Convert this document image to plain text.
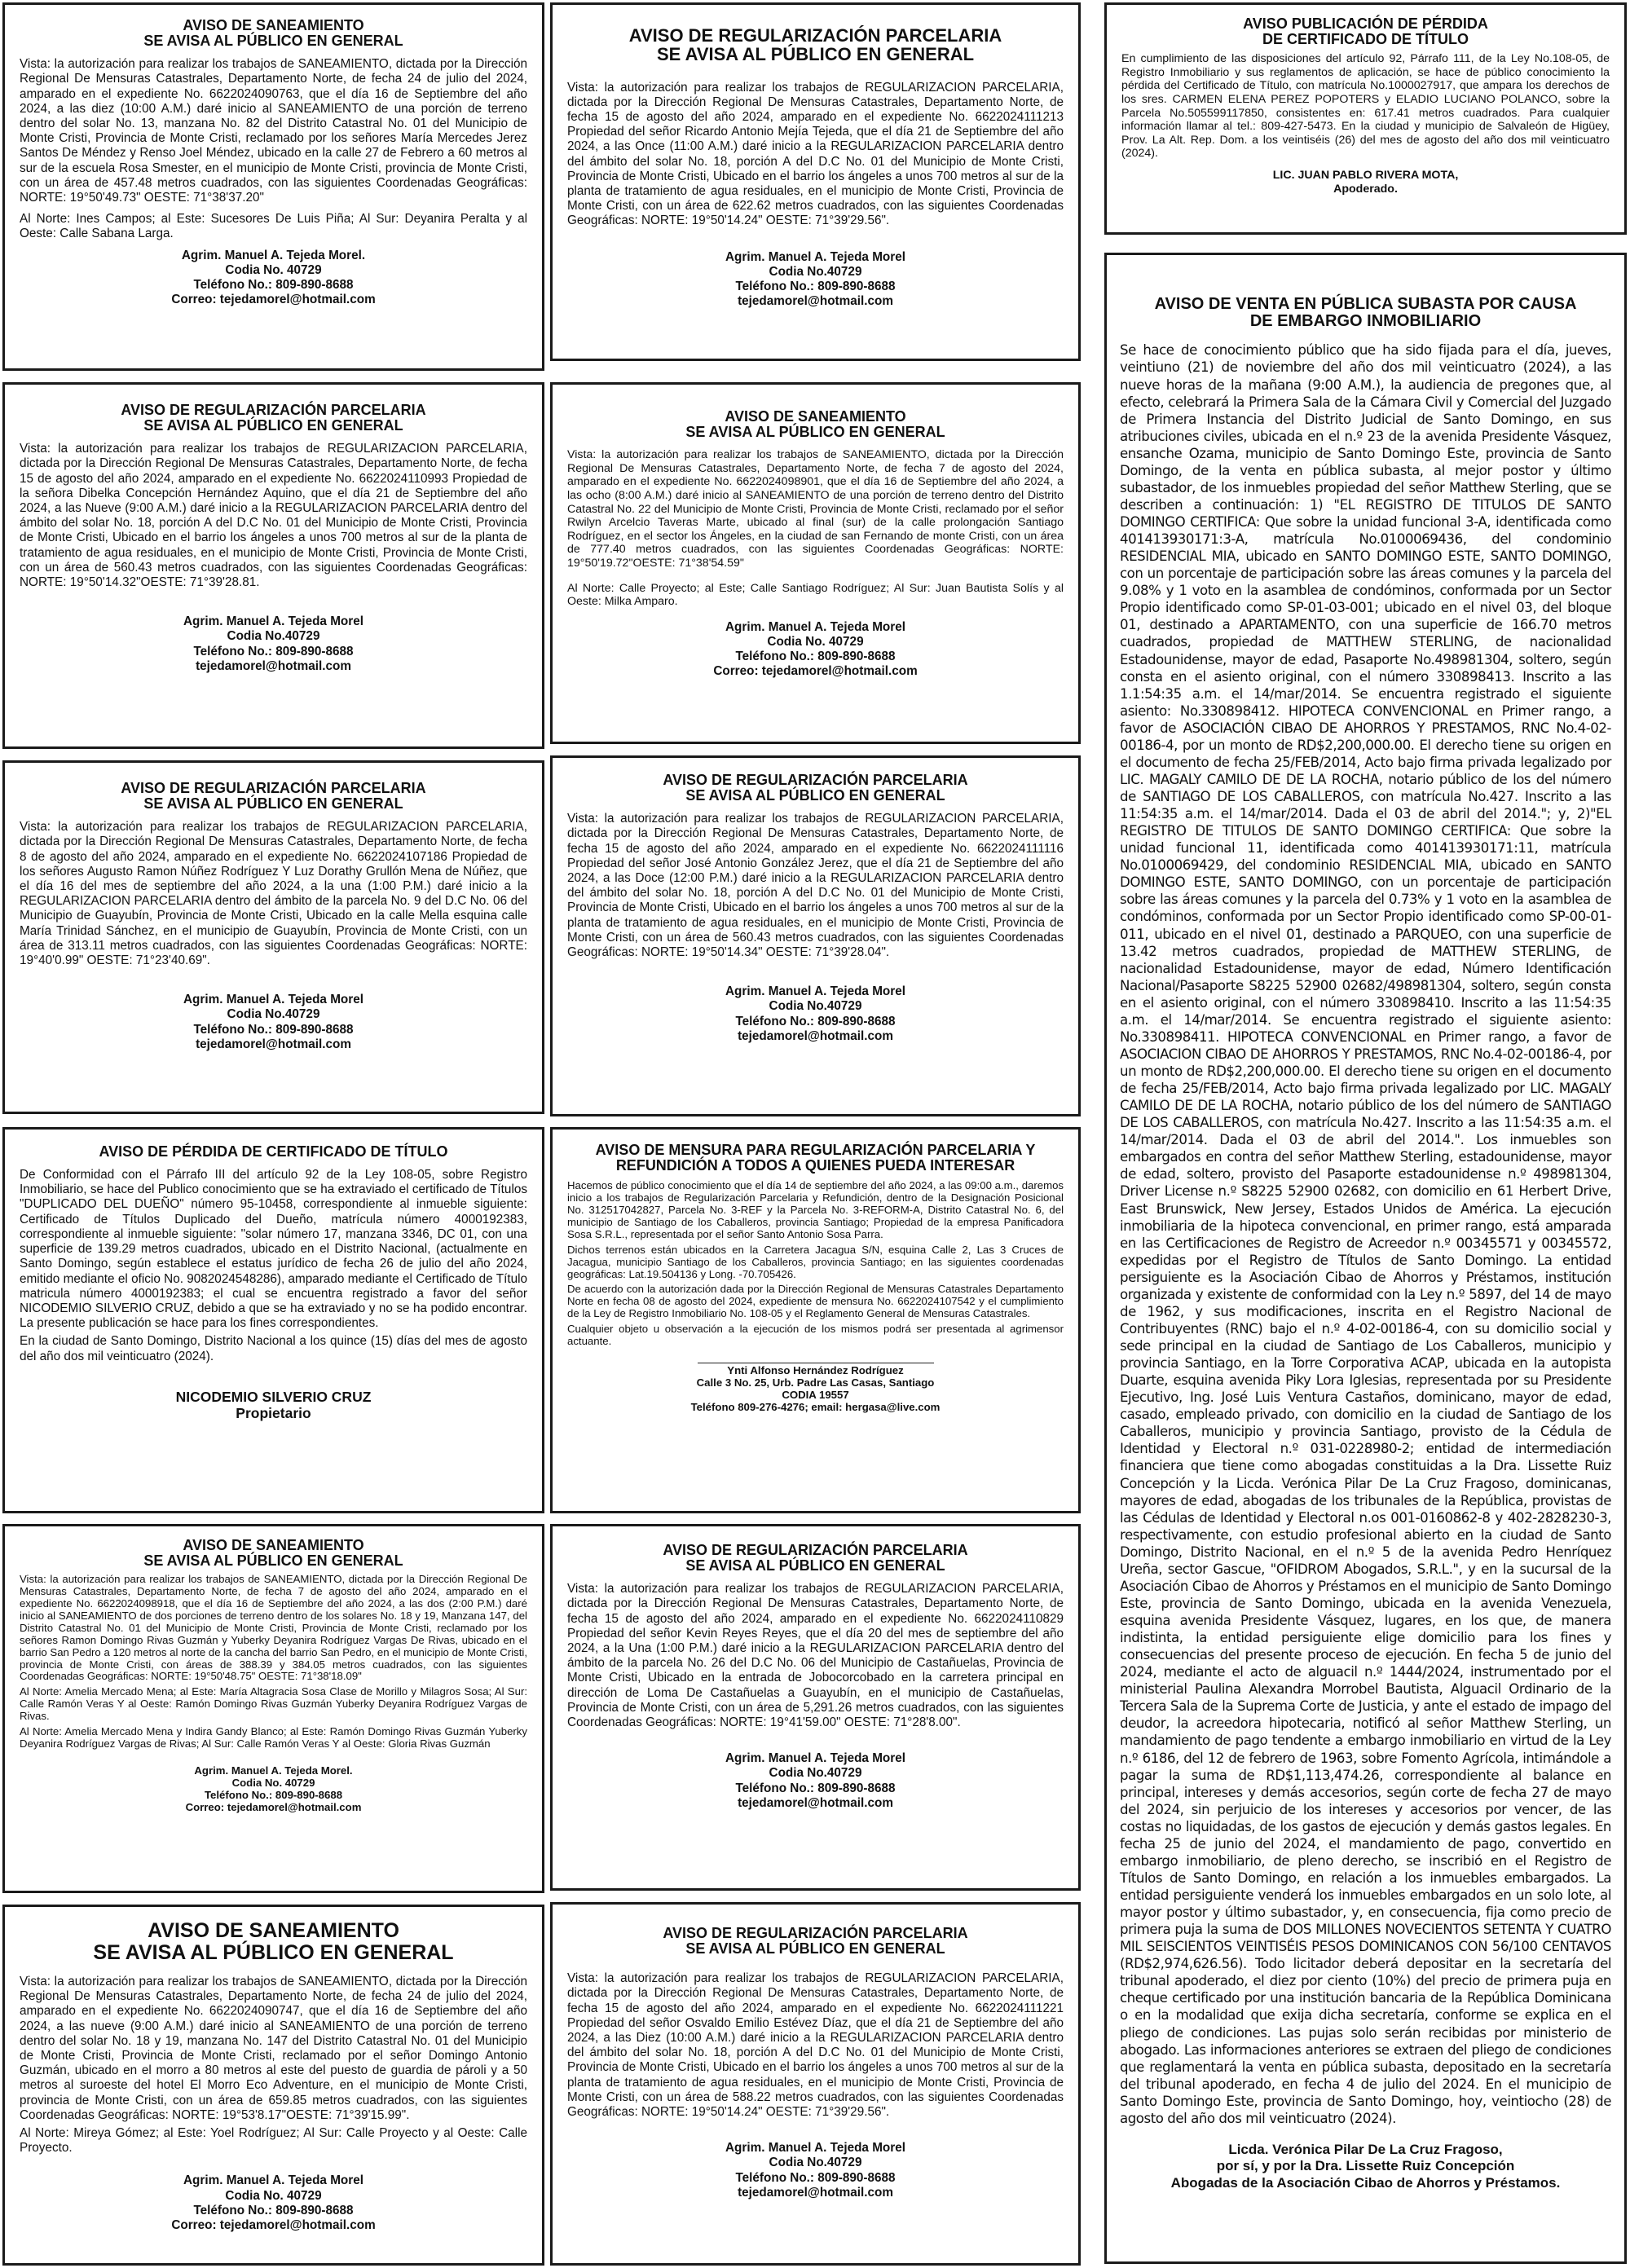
AVISO DE SANEAMIENTO
SE AVISA AL PÚBLICO EN GENERAL
Vista: la autorización para realizar los trabajos de SANEAMIENTO, dictada por la Dirección Regional De Mensuras Catastrales, Departamento Norte, de fecha 24 de julio del 2024, amparado en el expediente No. 6622024090763, que el día 16 de Septiembre del año 2024, a las diez (10:00 A.M.) daré inicio al SANEAMIENTO de una porción de terreno dentro del solar No. 13, manzana No. 82 del Distrito Catastral No. 01 del Municipio de Monte Cristi, Provincia de Monte Cristi, reclamado por los señores María Mercedes Jerez Santos De Méndez y Renso Joel Méndez, ubicado en la calle 27 de Febrero a 60 metros al sur de la escuela Rosa Smester, en el municipio de Monte Cristi, provincia de Monte Cristi, con un área de 457.48 metros cuadrados, con las siguientes Coordenadas Geográficas: NORTE: 19°50'49.73" OESTE: 71°38'37.20"
Al Norte: Ines Campos; al Este: Sucesores De Luis Piña; Al Sur: Deyanira Peralta y al Oeste: Calle Sabana Larga.
Agrim. Manuel A. Tejeda Morel.
Codia No. 40729
Teléfono No.: 809-890-8688
Correo: tejedamorel@hotmail.com
AVISO DE REGULARIZACIÓN PARCELARIA
SE AVISA AL PÚBLICO EN GENERAL
Vista: la autorización para realizar los trabajos de REGULARIZACION PARCELARIA, dictada por la Dirección Regional De Mensuras Catastrales, Departamento Norte, de fecha 15 de agosto del año 2024, amparado en el expediente No. 6622024110993 Propiedad de la señora Dibelka Concepción Hernández Aquino, que el día 21 de Septiembre del año 2024, a las Nueve (9:00 A.M.) daré inicio a la REGULARIZACION PARCELARIA dentro del ámbito del solar No. 18, porción A del D.C No. 01 del Municipio de Monte Cristi, Provincia de Monte Cristi, Ubicado en el barrio los ángeles a unos 700 metros al sur de la planta de tratamiento de agua residuales, en el municipio de Monte Cristi, Provincia de Monte Cristi, con un área de 560.43 metros cuadrados, con las siguientes Coordenadas Geográficas: NORTE: 19°50'14.32"OESTE: 71°39'28.81.
Agrim. Manuel A. Tejeda Morel
Codia No.40729
Teléfono No.: 809-890-8688
tejedamorel@hotmail.com
AVISO DE REGULARIZACIÓN PARCELARIA
SE AVISA AL PÚBLICO EN GENERAL
Vista: la autorización para realizar los trabajos de REGULARIZACION PARCELARIA, dictada por la Dirección Regional De Mensuras Catastrales, Departamento Norte, de fecha 8 de agosto del año 2024, amparado en el expediente No. 6622024107186 Propiedad de los señores Augusto Ramon Núñez Rodríguez Y Luz Dorathy Grullón Mena de Núñez, que el día 16 del mes de septiembre del año 2024, a la una (1:00 P.M.) daré inicio a la REGULARIZACION PARCELARIA dentro del ámbito de la parcela No. 9 del D.C No. 06 del Municipio de Guayubín, Provincia de Monte Cristi, Ubicado en la calle Mella esquina calle María Trinidad Sánchez, en el municipio de Guayubín, Provincia de Monte Cristi, con un área de 313.11 metros cuadrados, con las siguientes Coordenadas Geográficas: NORTE: 19°40'0.99" OESTE: 71°23'40.69".
Agrim. Manuel A. Tejeda Morel
Codia No.40729
Teléfono No.: 809-890-8688
tejedamorel@hotmail.com
AVISO DE PÉRDIDA DE CERTIFICADO DE TÍTULO
De Conformidad con el Párrafo III del artículo 92 de la Ley 108-05, sobre Registro Inmobiliario, se hace del Publico conocimiento que se ha extraviado el certificado de Títulos "DUPLICADO DEL DUEÑO" número 95-10458, correspondiente al inmueble siguiente: Certificado de Títulos Duplicado del Dueño, matrícula número 4000192383, correspondiente al inmueble siguiente: "solar número 17, manzana 3346, DC 01, con una superficie de 139.29 metros cuadrados, ubicado en el Distrito Nacional, (actualmente en Santo Domingo, según establece el estatus jurídico de fecha 26 de julio del año 2024, emitido mediante el oficio No. 9082024548286), amparado mediante el Certificado de Título matricula número 4000192383; el cual se encuentra registrado a favor del señor NICODEMIO SILVERIO CRUZ, debido a que se ha extraviado y no se ha podido encontrar. La presente publicación se hace para los fines correspondientes.
En la ciudad de Santo Domingo, Distrito Nacional a los quince (15) días del mes de agosto del año dos mil veinticuatro (2024).
NICODEMIO SILVERIO CRUZ
Propietario
AVISO DE SANEAMIENTO
SE AVISA AL PÚBLICO EN GENERAL
Vista: la autorización para realizar los trabajos de SANEAMIENTO, dictada por la Dirección Regional De Mensuras Catastrales, Departamento Norte, de fecha 7 de agosto del año 2024, amparado en el expediente No. 6622024098918, que el día 16 de Septiembre del año 2024, a las dos (2:00 P.M.) daré inicio al SANEAMIENTO de dos porciones de terreno dentro de los solares No. 18 y 19, Manzana 147, del Distrito Catastral No. 01 del Municipio de Monte Cristi, Provincia de Monte Cristi, reclamado por los señores Ramon Domingo Rivas Guzmán y Yuberky Deyanira Rodríguez Vargas De Rivas, ubicado en el barrio San Pedro a 120 metros al norte de la cancha del barrio San Pedro, en el municipio de Monte Cristi, provincia de Monte Cristi, con áreas de 388.39 y 384.05 metros cuadrados, con las siguientes Coordenadas Geográficas: NORTE: 19°50'48.75" OESTE: 71°38'18.09"
Al Norte: Amelia Mercado Mena; al Este: María Altagracia Sosa Clase de Morillo y Milagros Sosa; Al Sur: Calle Ramón Veras Y al Oeste: Ramón Domingo Rivas Guzmán Yuberky Deyanira Rodríguez Vargas de Rivas.
Al Norte: Amelia Mercado Mena y Indira Gandy Blanco; al Este: Ramón Domingo Rivas Guzmán Yuberky Deyanira Rodríguez Vargas de Rivas; Al Sur: Calle Ramón Veras Y al Oeste: Gloria Rivas Guzmán
Agrim. Manuel A. Tejeda Morel.
Codia No. 40729
Teléfono No.: 809-890-8688
Correo: tejedamorel@hotmail.com
AVISO DE SANEAMIENTO
SE AVISA AL PÚBLICO EN GENERAL
Vista: la autorización para realizar los trabajos de SANEAMIENTO, dictada por la Dirección Regional De Mensuras Catastrales, Departamento Norte, de fecha 24 de julio del 2024, amparado en el expediente No. 6622024090747, que el día 16 de Septiembre del año 2024, a las nueve (9:00 A.M.) daré inicio al SANEAMIENTO de una porción de terreno dentro del solar No. 18 y 19, manzana No. 147 del Distrito Catastral No. 01 del Municipio de Monte Cristi, Provincia de Monte Cristi, reclamado por el señor Domingo Antonio Guzmán, ubicado en el morro a 80 metros al este del puesto de guardia de pároli y a 50 metros al suroeste del hotel El Morro Eco Adventure, en el municipio de Monte Cristi, provincia de Monte Cristi, con un área de 659.85 metros cuadrados, con las siguientes Coordenadas Geográficas: NORTE: 19°53'8.17"OESTE: 71°39'15.99".
Al Norte: Mireya Gómez; al Este: Yoel Rodríguez; Al Sur: Calle Proyecto y al Oeste: Calle Proyecto.
Agrim. Manuel A. Tejeda Morel
Codia No. 40729
Teléfono No.: 809-890-8688
Correo: tejedamorel@hotmail.com
AVISO DE REGULARIZACIÓN PARCELARIA
SE AVISA AL PÚBLICO EN GENERAL
Vista: la autorización para realizar los trabajos de REGULARIZACION PARCELARIA, dictada por la Dirección Regional De Mensuras Catastrales, Departamento Norte, de fecha 15 de agosto del año 2024, amparado en el expediente No. 6622024111213 Propiedad del señor Ricardo Antonio Mejía Tejeda, que el día 21 de Septiembre del año 2024, a las Once (11:00 A.M.) daré inicio a la REGULARIZACION PARCELARIA dentro del ámbito del solar No. 18, porción A del D.C No. 01 del Municipio de Monte Cristi, Provincia de Monte Cristi, Ubicado en el barrio los ángeles a unos 700 metros al sur de la planta de tratamiento de agua residuales, en el municipio de Monte Cristi, Provincia de Monte Cristi, con un área de 622.62 metros cuadrados, con las siguientes Coordenadas Geográficas: NORTE: 19°50'14.24" OESTE: 71°39'29.56".
Agrim. Manuel A. Tejeda Morel
Codia No.40729
Teléfono No.: 809-890-8688
tejedamorel@hotmail.com
AVISO DE SANEAMIENTO
SE AVISA AL PÚBLICO EN GENERAL
Vista: la autorización para realizar los trabajos de SANEAMIENTO, dictada por la Dirección Regional De Mensuras Catastrales, Departamento Norte, de fecha 7 de agosto del 2024, amparado en el expediente No. 6622024098901, que el día 16 de Septiembre del año 2024, a las ocho (8:00 A.M.) daré inicio al SANEAMIENTO de una porción de terreno dentro del Distrito Catastral No. 22 del Municipio de Monte Cristi, Provincia de Monte Cristi, reclamado por el señor Rwilyn Arcelcio Taveras Marte, ubicado al final (sur) de la calle prolongación Santiago Rodríguez, en el sector los Ángeles, en la ciudad de san Fernando de monte Cristi, con un área de 777.40 metros cuadrados, con las siguientes Coordenadas Geográficas: NORTE: 19°50'19.72"OESTE: 71°38'54.59"
Al Norte: Calle Proyecto; al Este; Calle Santiago Rodríguez; Al Sur: Juan Bautista Solís y al Oeste: Milka Amparo.
Agrim. Manuel A. Tejeda Morel
Codia No. 40729
Teléfono No.: 809-890-8688
Correo: tejedamorel@hotmail.com
AVISO DE REGULARIZACIÓN PARCELARIA
SE AVISA AL PÚBLICO EN GENERAL
Vista: la autorización para realizar los trabajos de REGULARIZACION PARCELARIA, dictada por la Dirección Regional De Mensuras Catastrales, Departamento Norte, de fecha 15 de agosto del año 2024, amparado en el expediente No. 6622024111116 Propiedad del señor José Antonio González Jerez, que el día 21 de Septiembre del año 2024, a las Doce (12:00 P.M.) daré inicio a la REGULARIZACION PARCELARIA dentro del ámbito del solar No. 18, porción A del D.C No. 01 del Municipio de Monte Cristi, Provincia de Monte Cristi, Ubicado en el barrio los ángeles a unos 700 metros al sur de la planta de tratamiento de agua residuales, en el municipio de Monte Cristi, Provincia de Monte Cristi, con un área de 560.43 metros cuadrados, con las siguientes Coordenadas Geográficas: NORTE: 19°50'14.34" OESTE: 71°39'28.04".
Agrim. Manuel A. Tejeda Morel
Codia No.40729
Teléfono No.: 809-890-8688
tejedamorel@hotmail.com
AVISO DE MENSURA PARA REGULARIZACIÓN PARCELARIA Y
REFUNDICIÓN A TODOS A QUIENES PUEDA INTERESAR
Hacemos de público conocimiento que el día 14 de septiembre del año 2024, a las 09:00 a.m., daremos inicio a los trabajos de Regularización Parcelaria y Refundición, dentro de la Designación Posicional No. 312517042827, Parcela No. 3-REF y la Parcela No. 3-REFORM-A, Distrito Catastral No. 6, del municipio de Santiago de los Caballeros, provincia Santiago; Propiedad de la empresa Panificadora Sosa S.R.L., representada por el señor Santo Antonio Sosa Parra.
Dichos terrenos están ubicados en la Carretera Jacagua S/N, esquina Calle 2, Las 3 Cruces de Jacagua, municipio Santiago de los Caballeros, provincia Santiago; en las siguientes coordenadas geográficas: Lat.19.504136 y Long. -70.705426.
De acuerdo con la autorización dada por la Dirección Regional de Mensuras Catastrales Departamento Norte en fecha 08 de agosto del 2024, expediente de mensura No. 6622024107542 y el cumplimiento de la Ley de Registro Inmobiliario No. 108-05 y el Reglamento General de Mensuras Catastrales.
Cualquier objeto u observación a la ejecución de los mismos podrá ser presentada al agrimensor actuante.
Ynti Alfonso Hernández Rodríguez
Calle 3 No. 25, Urb. Padre Las Casas, Santiago
CODIA 19557
Teléfono 809-276-4276; email: hergasa@live.com
AVISO DE REGULARIZACIÓN PARCELARIA
SE AVISA AL PÚBLICO EN GENERAL
Vista: la autorización para realizar los trabajos de REGULARIZACION PARCELARIA, dictada por la Dirección Regional De Mensuras Catastrales, Departamento Norte, de fecha 15 de agosto del año 2024, amparado en el expediente No. 6622024110829 Propiedad del señor Kevin Reyes Reyes, que el día 20 del mes de septiembre del año 2024, a la Una (1:00 P.M.) daré inicio a la REGULARIZACION PARCELARIA dentro del ámbito de la parcela No. 26 del D.C No. 06 del Municipio de Castañuelas, Provincia de Monte Cristi, Ubicado en la entrada de Jobocorcobado en la carretera principal en dirección de Loma De Castañuelas a Guayubín, en el municipio de Castañuelas, Provincia de Monte Cristi, con un área de 5,291.26 metros cuadrados, con las siguientes Coordenadas Geográficas: NORTE: 19°41'59.00" OESTE: 71°28'8.00".
Agrim. Manuel A. Tejeda Morel
Codia No.40729
Teléfono No.: 809-890-8688
tejedamorel@hotmail.com
AVISO DE REGULARIZACIÓN PARCELARIA
SE AVISA AL PÚBLICO EN GENERAL
Vista: la autorización para realizar los trabajos de REGULARIZACION PARCELARIA, dictada por la Dirección Regional De Mensuras Catastrales, Departamento Norte, de fecha 15 de agosto del año 2024, amparado en el expediente No. 6622024111221 Propiedad del señor Osvaldo Emilio Estévez Díaz, que el día 21 de Septiembre del año 2024, a las Diez (10:00 A.M.) daré inicio a la REGULARIZACION PARCELARIA dentro del ámbito del solar No. 18, porción A del D.C No. 01 del Municipio de Monte Cristi, Provincia de Monte Cristi, Ubicado en el barrio los ángeles a unos 700 metros al sur de la planta de tratamiento de agua residuales, en el municipio de Monte Cristi, Provincia de Monte Cristi, con un área de 588.22 metros cuadrados, con las siguientes Coordenadas Geográficas: NORTE: 19°50'14.24" OESTE: 71°39'29.56".
Agrim. Manuel A. Tejeda Morel
Codia No.40729
Teléfono No.: 809-890-8688
tejedamorel@hotmail.com
AVISO PUBLICACIÓN DE PÉRDIDA
DE CERTIFICADO DE TÍTULO
En cumplimiento de las disposiciones del artículo 92, Párrafo 111, de la Ley No.108-05, de Registro Inmobiliario y sus reglamentos de aplicación, se hace de público conocimiento la pérdida del Certificado de Título, con matrícula No.1000027917, que ampara los derechos de los sres. CARMEN ELENA PEREZ POPOTERS y ELADIO LUCIANO POLANCO, sobre la Parcela No.505599117850, consistentes en: 617.41 metros cuadrados. Para cualquier información llamar al tel.: 809-427-5473. En la ciudad y municipio de Salvaleón de Higüey, Prov. La Alt. Rep. Dom. a los veintiséis (26) del mes de agosto del año dos mil veinticuatro (2024).
LIC. JUAN PABLO RIVERA MOTA,
Apoderado.
AVISO DE VENTA EN PÚBLICA SUBASTA POR CAUSA
DE EMBARGO INMOBILIARIO
Se hace de conocimiento público que ha sido fijada para el día, jueves, veintiuno (21) de noviembre del año dos mil veinticuatro (2024), a las nueve horas de la mañana (9:00 A.M.), la audiencia de pregones que, al efecto, celebrará la Primera Sala de la Cámara Civil y Comercial del Juzgado de Primera Instancia del Distrito Judicial de Santo Domingo, en sus atribuciones civiles, ubicada en el n.º 23 de la avenida Presidente Vásquez, ensanche Ozama, municipio de Santo Domingo Este, provincia de Santo Domingo, de la venta en pública subasta, al mejor postor y último subastador, de los inmuebles propiedad del señor Matthew Sterling, que se describen a continuación: 1) "EL REGISTRO DE TITULOS DE SANTO DOMINGO CERTIFICA: Que sobre la unidad funcional 3-A, identificada como 401413930171:3-A, matrícula No.0100069436, del condominio RESIDENCIAL MIA, ubicado en SANTO DOMINGO ESTE, SANTO DOMINGO, con un porcentaje de participación sobre las áreas comunes y la parcela del 9.08% y 1 voto en la asamblea de condóminos, conformada por un Sector Propio identificado como SP-01-03-001; ubicado en el nivel 03, del bloque 01, destinado a APARTAMENTO, con una superficie de 166.70 metros cuadrados, propiedad de MATTHEW STERLING, de nacionalidad Estadounidense, mayor de edad, Pasaporte No.498981304, soltero, según consta en el asiento original, con el número 330898413. Inscrito a las 1.1:54:35 a.m. el 14/mar/2014. Se encuentra registrado el siguiente asiento: No.330898412. HIPOTECA CONVENCIONAL en Primer rango, a favor de ASOCIACIÓN CIBAO DE AHORROS Y PRESTAMOS, RNC No.4-02-00186-4, por un monto de RD$2,200,000.00. El derecho tiene su origen en el documento de fecha 25/FEB/2014, Acto bajo firma privada legalizado por LIC. MAGALY CAMILO DE DE LA ROCHA, notario público de los del número de SANTIAGO DE LOS CABALLEROS, con matrícula No.427. Inscrito a las 11:54:35 a.m. el 14/mar/2014. Dada el 03 de abril del 2014."; y, 2)"EL REGISTRO DE TITULOS DE SANTO DOMINGO CERTIFICA: Que sobre la unidad funcional 11, identificada como 401413930171:11, matrícula No.0100069429, del condominio RESIDENCIAL MIA, ubicado en SANTO DOMINGO ESTE, SANTO DOMINGO, con un porcentaje de participación sobre las áreas comunes y la parcela del 0.73% y 1 voto en la asamblea de condóminos, conformada por un Sector Propio identificado como SP-00-01-011, ubicado en el nivel 01, destinado a PARQUEO, con una superficie de 13.42 metros cuadrados, propiedad de MATTHEW STERLING, de nacionalidad Estadounidense, mayor de edad, Número Identificación Nacional/Pasaporte S8225 52900 02682/498981304, soltero, según consta en el asiento original, con el número 330898410. Inscrito a las 11:54:35 a.m. el 14/mar/2014. Se encuentra registrado el siguiente asiento: No.330898411. HIPOTECA CONVENCIONAL en Primer rango, a favor de ASOCIACION CIBAO DE AHORROS Y PRESTAMOS, RNC No.4-02-00186-4, por un monto de RD$2,200,000.00. El derecho tiene su origen en el documento de fecha 25/FEB/2014, Acto bajo firma privada legalizado por LIC. MAGALY CAMILO DE DE LA ROCHA, notario público de los del número de SANTIAGO DE LOS CABALLEROS, con matrícula No.427. Inscrito a las 11:54:35 a.m. el 14/mar/2014. Dada el 03 de abril del 2014.". Los inmuebles son embargados en contra del señor Matthew Sterling, estadounidense, mayor de edad, soltero, provisto del Pasaporte estadounidense n.º 498981304, Driver License n.º S8225 52900 02682, con domicilio en 61 Herbert Drive, East Brunswick, New Jersey, Estados Unidos de América. La ejecución inmobiliaria de la hipoteca convencional, en primer rango, está amparada en las Certificaciones de Registro de Acreedor n.º 00345571 y 00345572, expedidas por el Registro de Títulos de Santo Domingo. La entidad persiguiente es la Asociación Cibao de Ahorros y Préstamos, institución organizada y existente de conformidad con la Ley n.º 5897, del 14 de mayo de 1962, y sus modificaciones, inscrita en el Registro Nacional de Contribuyentes (RNC) bajo el n.º 4-02-00186-4, con su domicilio social y sede principal en la ciudad de Santiago de Los Caballeros, municipio y provincia Santiago, en la Torre Corporativa ACAP, ubicada en la autopista Duarte, esquina avenida Piky Lora Iglesias, representada por su Presidente Ejecutivo, Ing. José Luis Ventura Castaños, dominicano, mayor de edad, casado, empleado privado, con domicilio en la ciudad de Santiago de los Caballeros, municipio y provincia Santiago, provisto de la Cédula de Identidad y Electoral n.º 031-0228980-2; entidad de intermediación financiera que tiene como abogadas constituidas a la Dra. Lissette Ruiz Concepción y la Licda. Verónica Pilar De La Cruz Fragoso, dominicanas, mayores de edad, abogadas de los tribunales de la República, provistas de las Cédulas de Identidad y Electoral n.os 001-0160862-8 y 402-2828230-3, respectivamente, con estudio profesional abierto en la ciudad de Santo Domingo, Distrito Nacional, en el n.º 5 de la avenida Pedro Henríquez Ureña, sector Gascue, "OFIDROM Abogados, S.R.L.", y en la sucursal de la Asociación Cibao de Ahorros y Préstamos en el municipio de Santo Domingo Este, provincia de Santo Domingo, ubicada en la avenida Venezuela, esquina avenida Presidente Vásquez, lugares, en los que, de manera indistinta, la entidad persiguiente elige domicilio para los fines y consecuencias del presente proceso de ejecución. En fecha 5 de junio del 2024, mediante el acto de alguacil n.º 1444/2024, instrumentado por el ministerial Paulina Alexandra Morrobel Bautista, Alguacil Ordinario de la Tercera Sala de la Suprema Corte de Justicia, y ante el estado de impago del deudor, la acreedora hipotecaria, notificó al señor Matthew Sterling, un mandamiento de pago tendente a embargo inmobiliario en virtud de la Ley n.º 6186, del 12 de febrero de 1963, sobre Fomento Agrícola, intimándole a pagar la suma de RD$1,113,474.26, correspondiente al balance en principal, intereses y demás accesorios, según corte de fecha 27 de mayo del 2024, sin perjuicio de los intereses y accesorios por vencer, de las costas no liquidadas, de los gastos de ejecución y demás gastos legales. En fecha 25 de junio del 2024, el mandamiento de pago, convertido en embargo inmobiliario, de pleno derecho, se inscribió en el Registro de Títulos de Santo Domingo, en relación a los inmuebles embargados. La entidad persiguiente venderá los inmuebles embargados en un solo lote, al mayor postor y último subastador, y, en consecuencia, fija como precio de primera puja la suma de DOS MILLONES NOVECIENTOS SETENTA Y CUATRO MIL SEISCIENTOS VEINTISÉIS PESOS DOMINICANOS CON 56/100 CENTAVOS (RD$2,974,626.56). Todo licitador deberá depositar en la secretaría del tribunal apoderado, el diez por ciento (10%) del precio de primera puja en cheque certificado por una institución bancaria de la República Dominicana o en la modalidad que exija dicha secretaría, conforme se explica en el pliego de condiciones. Las pujas solo serán recibidas por ministerio de abogado. Las informaciones anteriores se extraen del pliego de condiciones que reglamentará la venta en pública subasta, depositado en la secretaría del tribunal apoderado, en fecha 4 de julio del 2024. En el municipio de Santo Domingo Este, provincia de Santo Domingo, hoy, veintiocho (28) de agosto del año dos mil veinticuatro (2024).
Licda. Verónica Pilar De La Cruz Fragoso,
por sí, y por la Dra. Lissette Ruiz Concepción
Abogadas de la Asociación Cibao de Ahorros y Préstamos.
